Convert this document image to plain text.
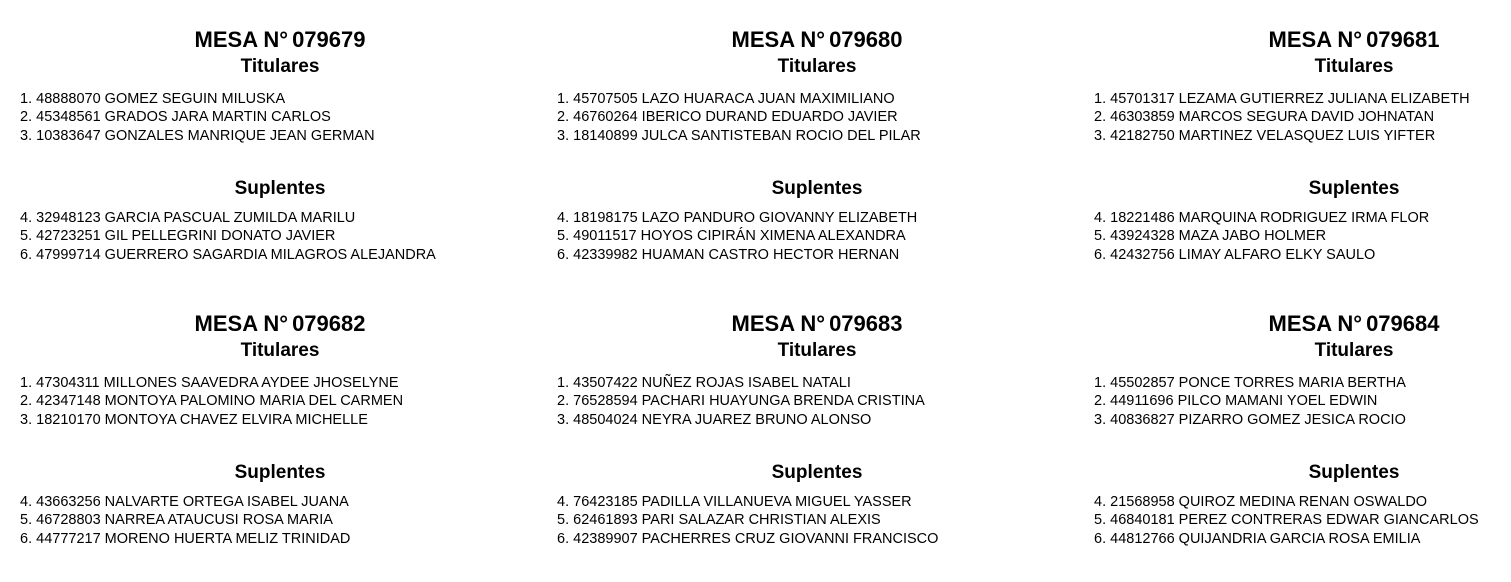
MESA N° 079679
Titulares
1. 48888070 GOMEZ SEGUIN MILUSKA
2. 45348561 GRADOS JARA MARTIN CARLOS
3. 10383647 GONZALES MANRIQUE JEAN GERMAN
Suplentes
4. 32948123 GARCIA PASCUAL ZUMILDA MARILU
5. 42723251 GIL PELLEGRINI DONATO JAVIER
6. 47999714 GUERRERO SAGARDIA MILAGROS ALEJANDRA
MESA N° 079680
Titulares
1. 45707505 LAZO HUARACA JUAN MAXIMILIANO
2. 46760264 IBERICO DURAND EDUARDO JAVIER
3. 18140899 JULCA SANTISTEBAN ROCIO DEL PILAR
Suplentes
4. 18198175 LAZO PANDURO GIOVANNY ELIZABETH
5. 49011517 HOYOS CIPIRÁN XIMENA ALEXANDRA
6. 42339982 HUAMAN CASTRO HECTOR HERNAN
MESA N° 079681
Titulares
1. 45701317 LEZAMA GUTIERREZ JULIANA ELIZABETH
2. 46303859 MARCOS SEGURA DAVID JOHNATAN
3. 42182750 MARTINEZ VELASQUEZ LUIS YIFTER
Suplentes
4. 18221486 MARQUINA RODRIGUEZ IRMA FLOR
5. 43924328 MAZA JABO HOLMER
6. 42432756 LIMAY ALFARO ELKY SAULO
MESA N° 079682
Titulares
1. 47304311 MILLONES SAAVEDRA AYDEE JHOSELYNE
2. 42347148 MONTOYA PALOMINO MARIA DEL CARMEN
3. 18210170 MONTOYA CHAVEZ ELVIRA MICHELLE
Suplentes
4. 43663256 NALVARTE ORTEGA ISABEL JUANA
5. 46728803 NARREA ATAUCUSI ROSA MARIA
6. 44777217 MORENO HUERTA MELIZ TRINIDAD
MESA N° 079683
Titulares
1. 43507422 NUÑEZ ROJAS ISABEL NATALI
2. 76528594 PACHARI HUAYUNGA BRENDA CRISTINA
3. 48504024 NEYRA JUAREZ BRUNO ALONSO
Suplentes
4. 76423185 PADILLA VILLANUEVA MIGUEL YASSER
5. 62461893 PARI SALAZAR CHRISTIAN ALEXIS
6. 42389907 PACHERRES CRUZ GIOVANNI FRANCISCO
MESA N° 079684
Titulares
1. 45502857 PONCE TORRES MARIA BERTHA
2. 44911696 PILCO MAMANI YOEL EDWIN
3. 40836827 PIZARRO GOMEZ JESICA ROCIO
Suplentes
4. 21568958 QUIROZ MEDINA RENAN OSWALDO
5. 46840181 PEREZ CONTRERAS EDWAR GIANCARLOS
6. 44812766 QUIJANDRIA GARCIA ROSA EMILIA
